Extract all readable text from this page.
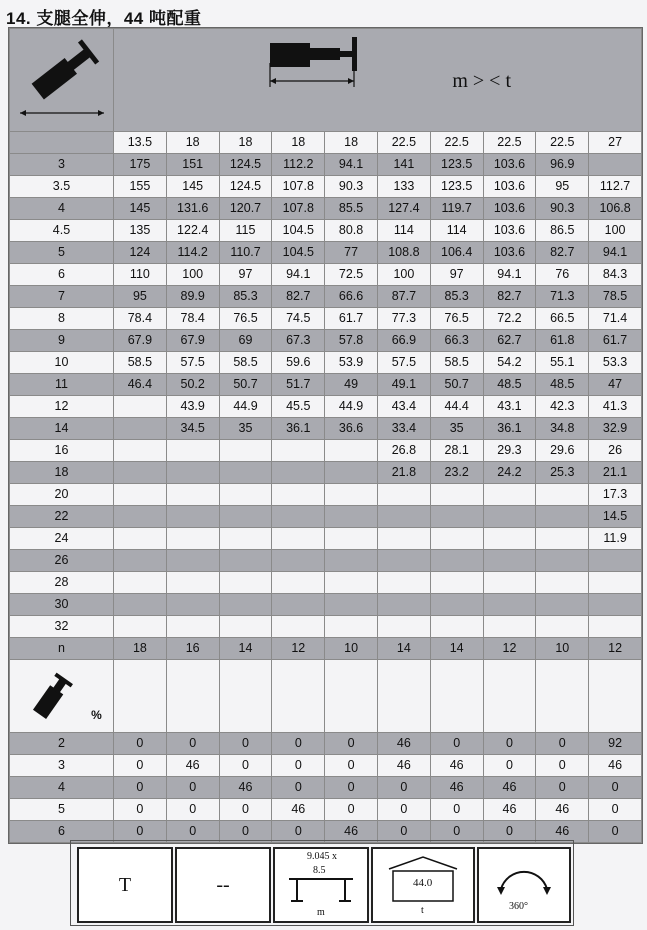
14. 支腿全伸，44 吨配重

m > < t									

	13.5	18	18	18	18	22.5	22.5	22.5	22.5	27
3	175	151	124.5	112.2	94.1	141	123.5	103.6	96.9	
3.5	155	145	124.5	107.8	90.3	133	123.5	103.6	95	112.7
4	145	131.6	120.7	107.8	85.5	127.4	119.7	103.6	90.3	106.8
4.5	135	122.4	115	104.5	80.8	114	114	103.6	86.5	100
5	124	114.2	110.7	104.5	77	108.8	106.4	103.6	82.7	94.1
6	110	100	97	94.1	72.5	100	97	94.1	76	84.3
7	95	89.9	85.3	82.7	66.6	87.7	85.3	82.7	71.3	78.5
8	78.4	78.4	76.5	74.5	61.7	77.3	76.5	72.2	66.5	71.4
9	67.9	67.9	69	67.3	57.8	66.9	66.3	62.7	61.8	61.7
10	58.5	57.5	58.5	59.6	53.9	57.5	58.5	54.2	55.1	53.3
11	46.4	50.2	50.7	51.7	49	49.1	50.7	48.5	48.5	47
12		43.9	44.9	45.5	44.9	43.4	44.4	43.1	42.3	41.3
14		34.5	35	36.1	36.6	33.4	35	36.1	34.8	32.9
16						26.8	28.1	29.3	29.6	26
18						21.8	23.2	24.2	25.3	21.1
20										17.3
22										14.5
24										11.9
26										
28										
30										
32										
n	18	16	14	12	10	14	14	12	10	12
%										
2	0	0	0	0	0	46	0	0	0	92
3	0	46	0	0	0	46	46	0	0	46
4	0	0	46	0	0	0	46	46	0	0
5	0	0	0	46	0	0	0	46	46	0
6	0	0	0	0	46	0	0	0	46	0
T	--
9.045 x
8.5
m
44.0
t	360°
